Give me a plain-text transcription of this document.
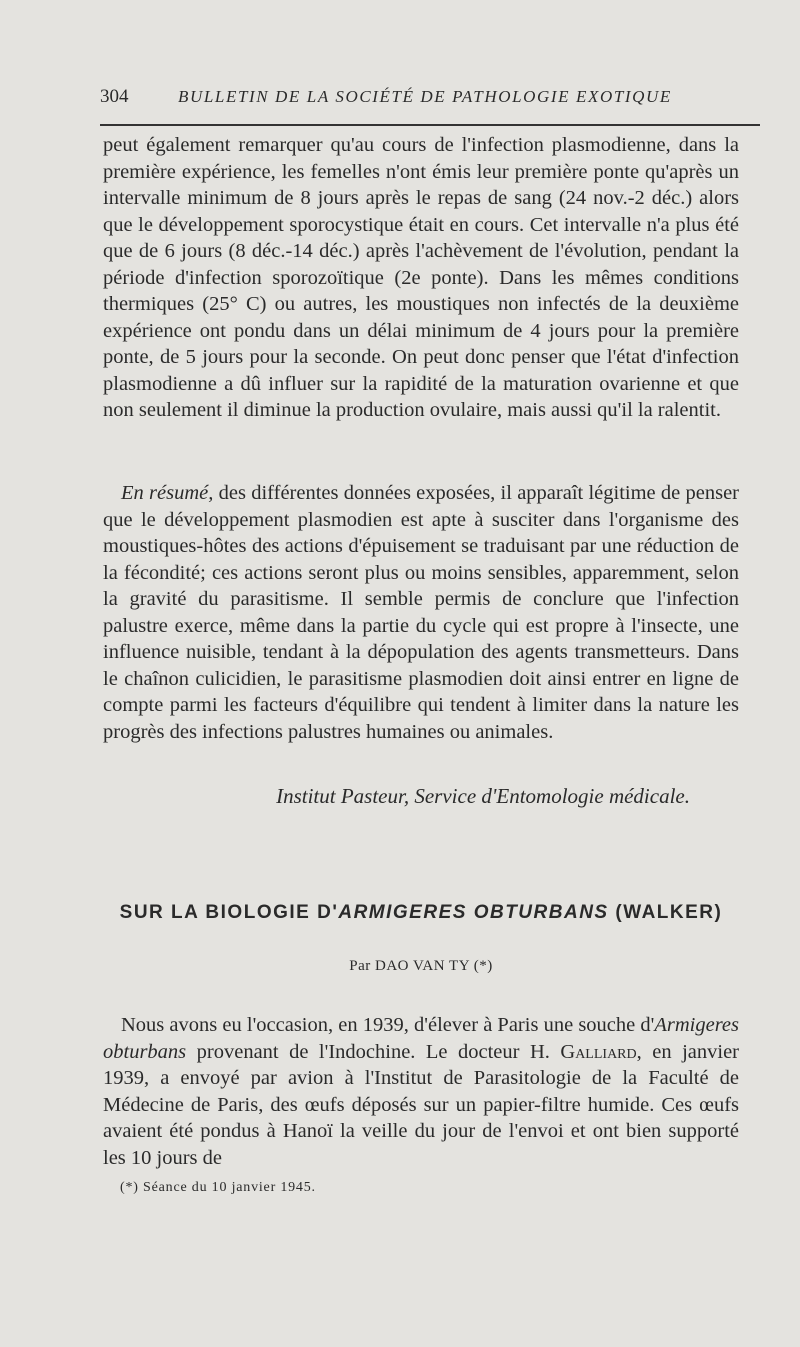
304	BULLETIN DE LA SOCIÉTÉ DE PATHOLOGIE EXOTIQUE

peut également remarquer qu'au cours de l'infection plasmodienne, dans la première expérience, les femelles n'ont émis leur première ponte qu'après un intervalle minimum de 8 jours après le repas de sang (24 nov.-2 déc.) alors que le développement sporocystique était en cours. Cet intervalle n'a plus été que de 6 jours (8 déc.-14 déc.) après l'achèvement de l'évolution, pendant la période d'infection sporozoïtique (2e ponte). Dans les mêmes conditions thermiques (25° C) ou autres, les moustiques non infectés de la deuxième expérience ont pondu dans un délai minimum de 4 jours pour la première ponte, de 5 jours pour la seconde. On peut donc penser que l'état d'infection plasmodienne a dû influer sur la rapidité de la maturation ovarienne et que non seulement il diminue la production ovulaire, mais aussi qu'il la ralentit.

En résumé, des différentes données exposées, il apparaît légitime de penser que le développement plasmodien est apte à susciter dans l'organisme des moustiques-hôtes des actions d'épuisement se traduisant par une réduction de la fécondité; ces actions seront plus ou moins sensibles, apparemment, selon la gravité du parasitisme. Il semble permis de conclure que l'infection palustre exerce, même dans la partie du cycle qui est propre à l'insecte, une influence nuisible, tendant à la dépopulation des agents transmetteurs. Dans le chaînon culicidien, le parasitisme plasmodien doit ainsi entrer en ligne de compte parmi les facteurs d'équilibre qui tendent à limiter dans la nature les progrès des infections palustres humaines ou animales.

Institut Pasteur, Service d'Entomologie médicale.
SUR LA BIOLOGIE D'ARMIGERES OBTURBANS (WALKER)
Par DAO VAN TY (*)

Nous avons eu l'occasion, en 1939, d'élever à Paris une souche d'Armigeres obturbans provenant de l'Indochine. Le docteur H. Galliard, en janvier 1939, a envoyé par avion à l'Institut de Parasitologie de la Faculté de Médecine de Paris, des œufs déposés sur un papier-filtre humide. Ces œufs avaient été pondus à Hanoï la veille du jour de l'envoi et ont bien supporté les 10 jours de

(*) Séance du 10 janvier 1945.
